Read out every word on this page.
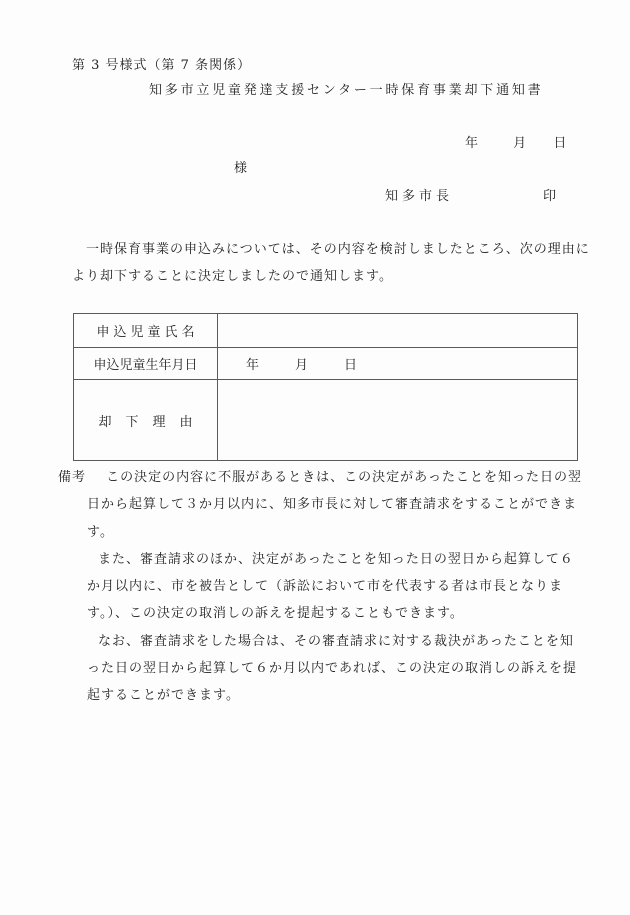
第 3 号様式（第 7 条関係）
知多市立児童発達支援センター一時保育事業却下通知書
年	月 日
様
知多市長	印
一時保育事業の申込みについては、その内容を検討しましたところ、次の理由に
より却下することに決定しましたので通知します。
申込児童氏名
申込児童生年月日	年	月	日
却下理由
備考 この決定の内容に不服があるときは、この決定があったことを知った日の翌
日から起算して３か月以内に、知多市長に対して審査請求をすることができま
す。
また、審査請求のほか、決定があったことを知った日の翌日から起算して６
か月以内に、市を被告として（訴訟において市を代表する者は市長となりま
す。）、この決定の取消しの訴えを提起することもできます。
なお、審査請求をした場合は、その審査請求に対する裁決があったことを知
った日の翌日から起算して６か月以内であれば、この決定の取消しの訴えを提
起することができます。
